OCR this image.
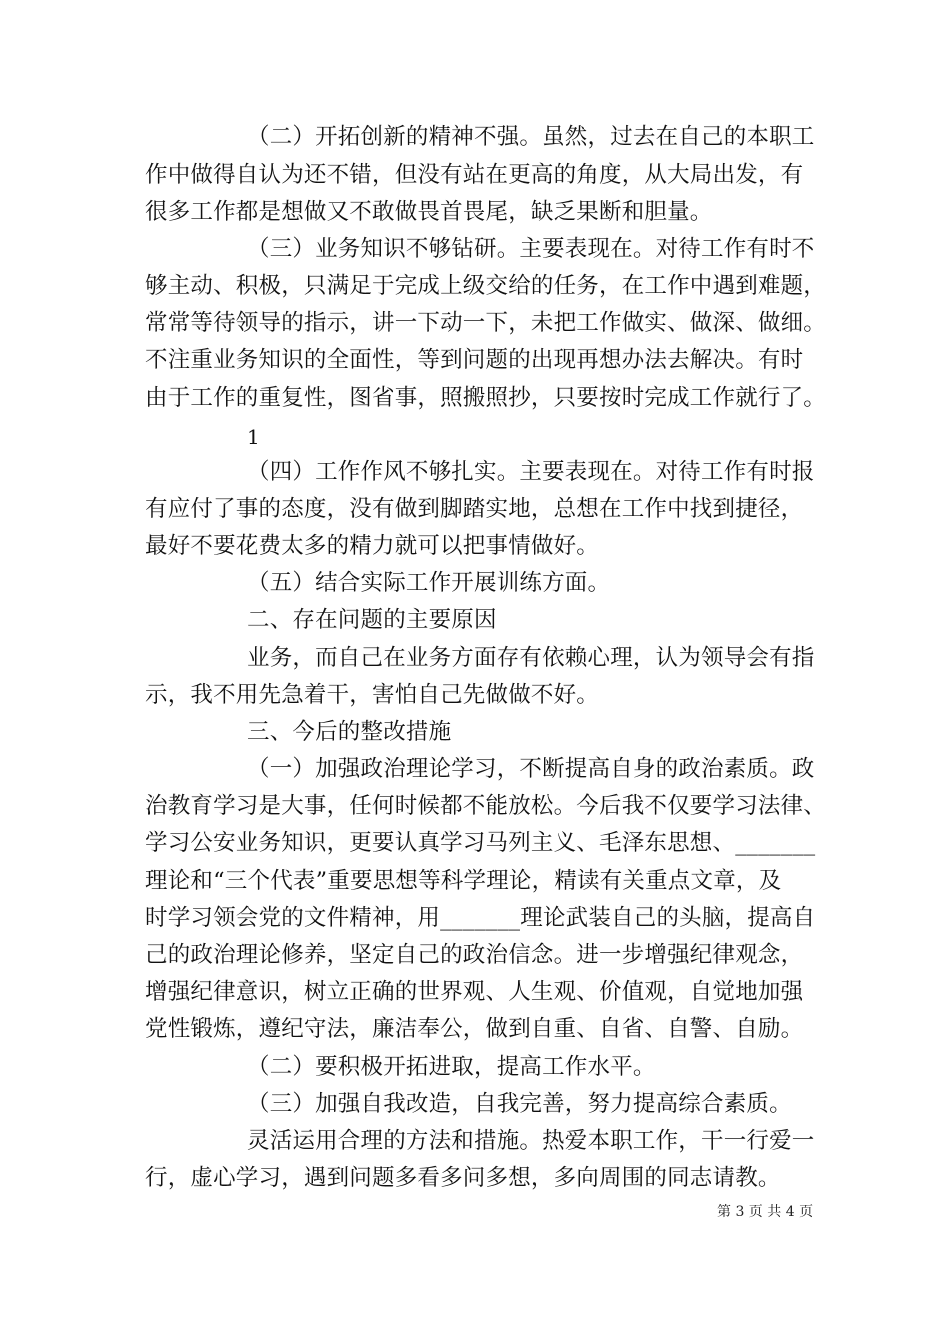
（二）开拓创新的精神不强。虽然，过去在自己的本职工
作中做得自认为还不错，但没有站在更高的角度，从大局出发，有
很多工作都是想做又不敢做畏首畏尾，缺乏果断和胆量。
（三）业务知识不够钻研。主要表现在。对待工作有时不
够主动、积极，只满足于完成上级交给的任务，在工作中遇到难题，
常常等待领导的指示，讲一下动一下，未把工作做实、做深、做细。
不注重业务知识的全面性，等到问题的出现再想办法去解决。有时
由于工作的重复性，图省事，照搬照抄，只要按时完成工作就行了。
1
（四）工作作风不够扎实。主要表现在。对待工作有时报
有应付了事的态度，没有做到脚踏实地，总想在工作中找到捷径，
最好不要花费太多的精力就可以把事情做好。
（五）结合实际工作开展训练方面。
二、存在问题的主要原因
业务，而自己在业务方面存有依赖心理，认为领导会有指
示，我不用先急着干，害怕自己先做做不好。
三、今后的整改措施
（一）加强政治理论学习，不断提高自身的政治素质。政
治教育学习是大事，任何时候都不能放松。今后我不仅要学习法律、
学习公安业务知识，更要认真学习马列主义、毛泽东思想、_______
理论和“三个代表”重要思想等科学理论，精读有关重点文章，及
时学习领会党的文件精神，用_______理论武装自己的头脑，提高自
己的政治理论修养，坚定自己的政治信念。进一步增强纪律观念，
增强纪律意识，树立正确的世界观、人生观、价值观，自觉地加强
党性锻炼，遵纪守法，廉洁奉公，做到自重、自省、自警、自励。
（二）要积极开拓进取，提高工作水平。
（三）加强自我改造，自我完善，努力提高综合素质。
灵活运用合理的方法和措施。热爱本职工作，干一行爱一
行，虚心学习，遇到问题多看多问多想，多向周围的同志请教。
第 3 页 共 4 页
